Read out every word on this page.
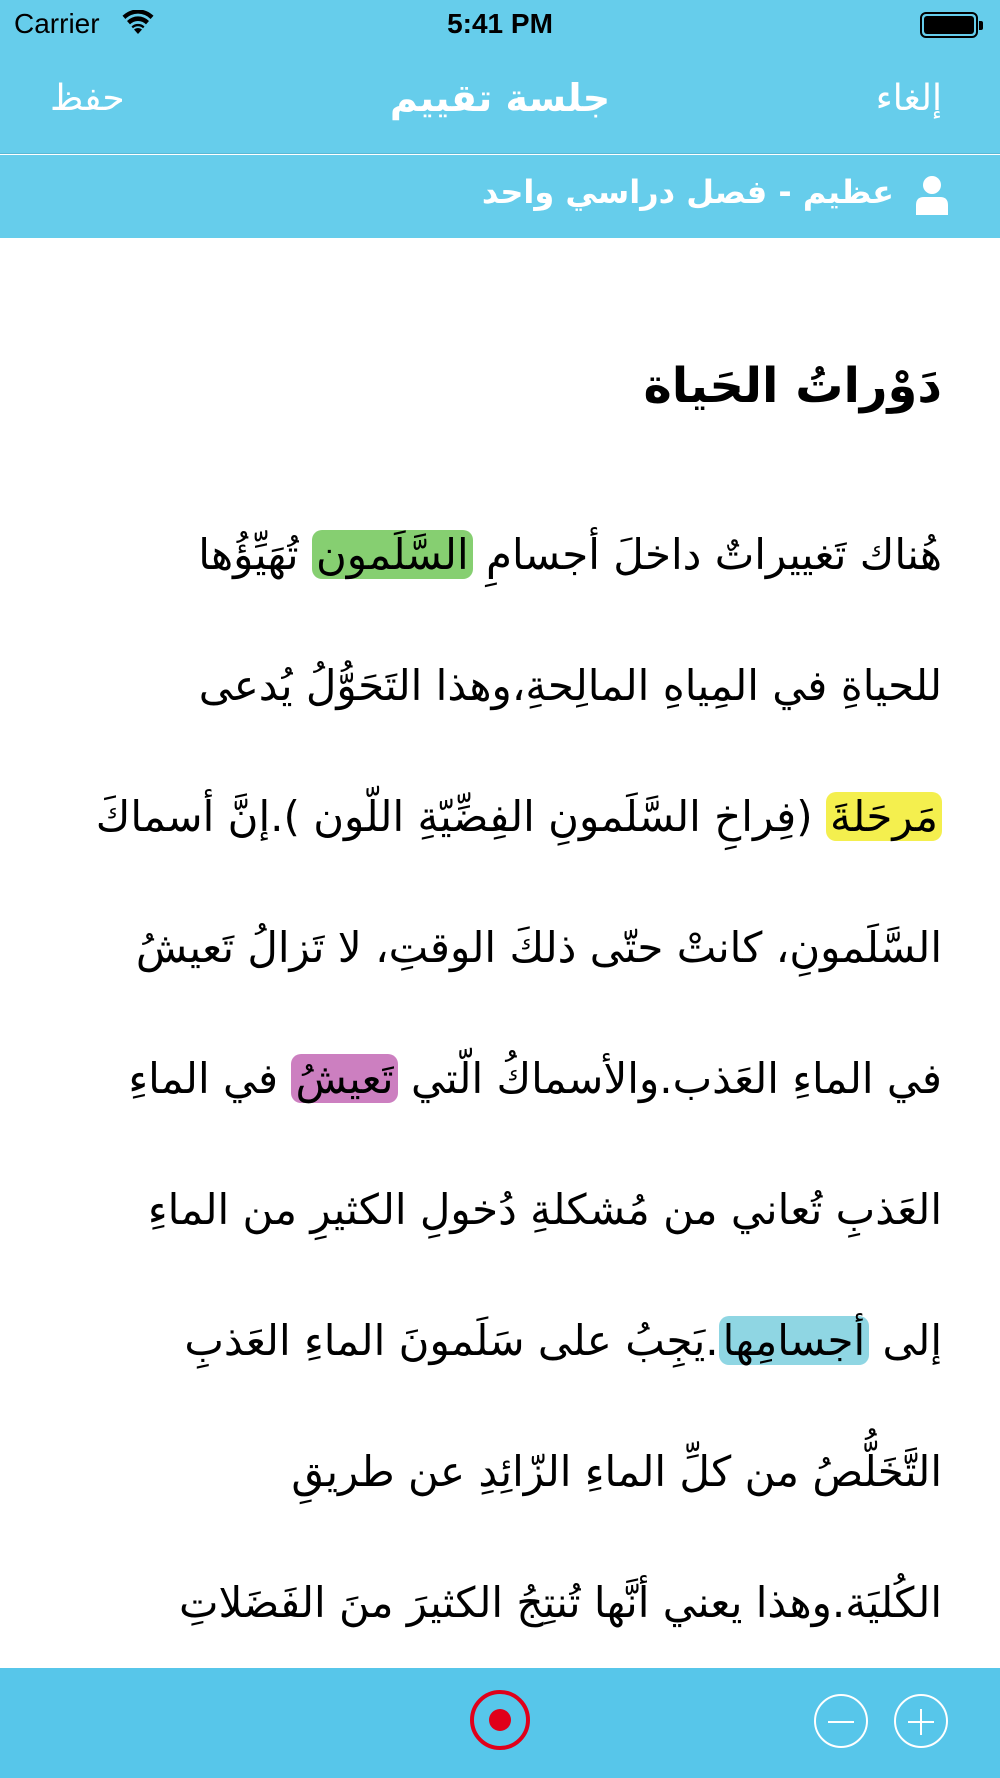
Carrier	5:41 PM
حفظ	جلسة تقييم	إلغاء
عظيم - فصل دراسي واحد
دَوْراتُ الحَياة
هُناك تَغييراتٌ داخلَ أجسامِ السَّلَمون تُهَيِّؤُها
للحياةِ في المِياهِ المالِحةِ،وهذا التَحَوُّلُ يُدعى
مَرحَلةَ (فِراخِ السَّلَمونِ الفِضِّيّةِ اللّون ).إنَّ أسماكَ
السَّلَمونِ، كانتْ حتّى ذلكَ الوقتِ، لا تَزالُ تَعيشُ
في الماءِ العَذب.والأسماكُ الّتي تَعيشُ في الماءِ
العَذبِ تُعاني من مُشكلةِ دُخولِ الكثيرِ من الماءِ
إلى أجسامِها.يَجِبُ على سَلَمونَ الماءِ العَذبِ
التَّخَلُّصُ من كلِّ الماءِ الزّائِدِ عن طريقِ
الكُليَة.وهذا يعني أنَّها تُنتِجُ الكثيرَ منَ الفَضَلاتِ
